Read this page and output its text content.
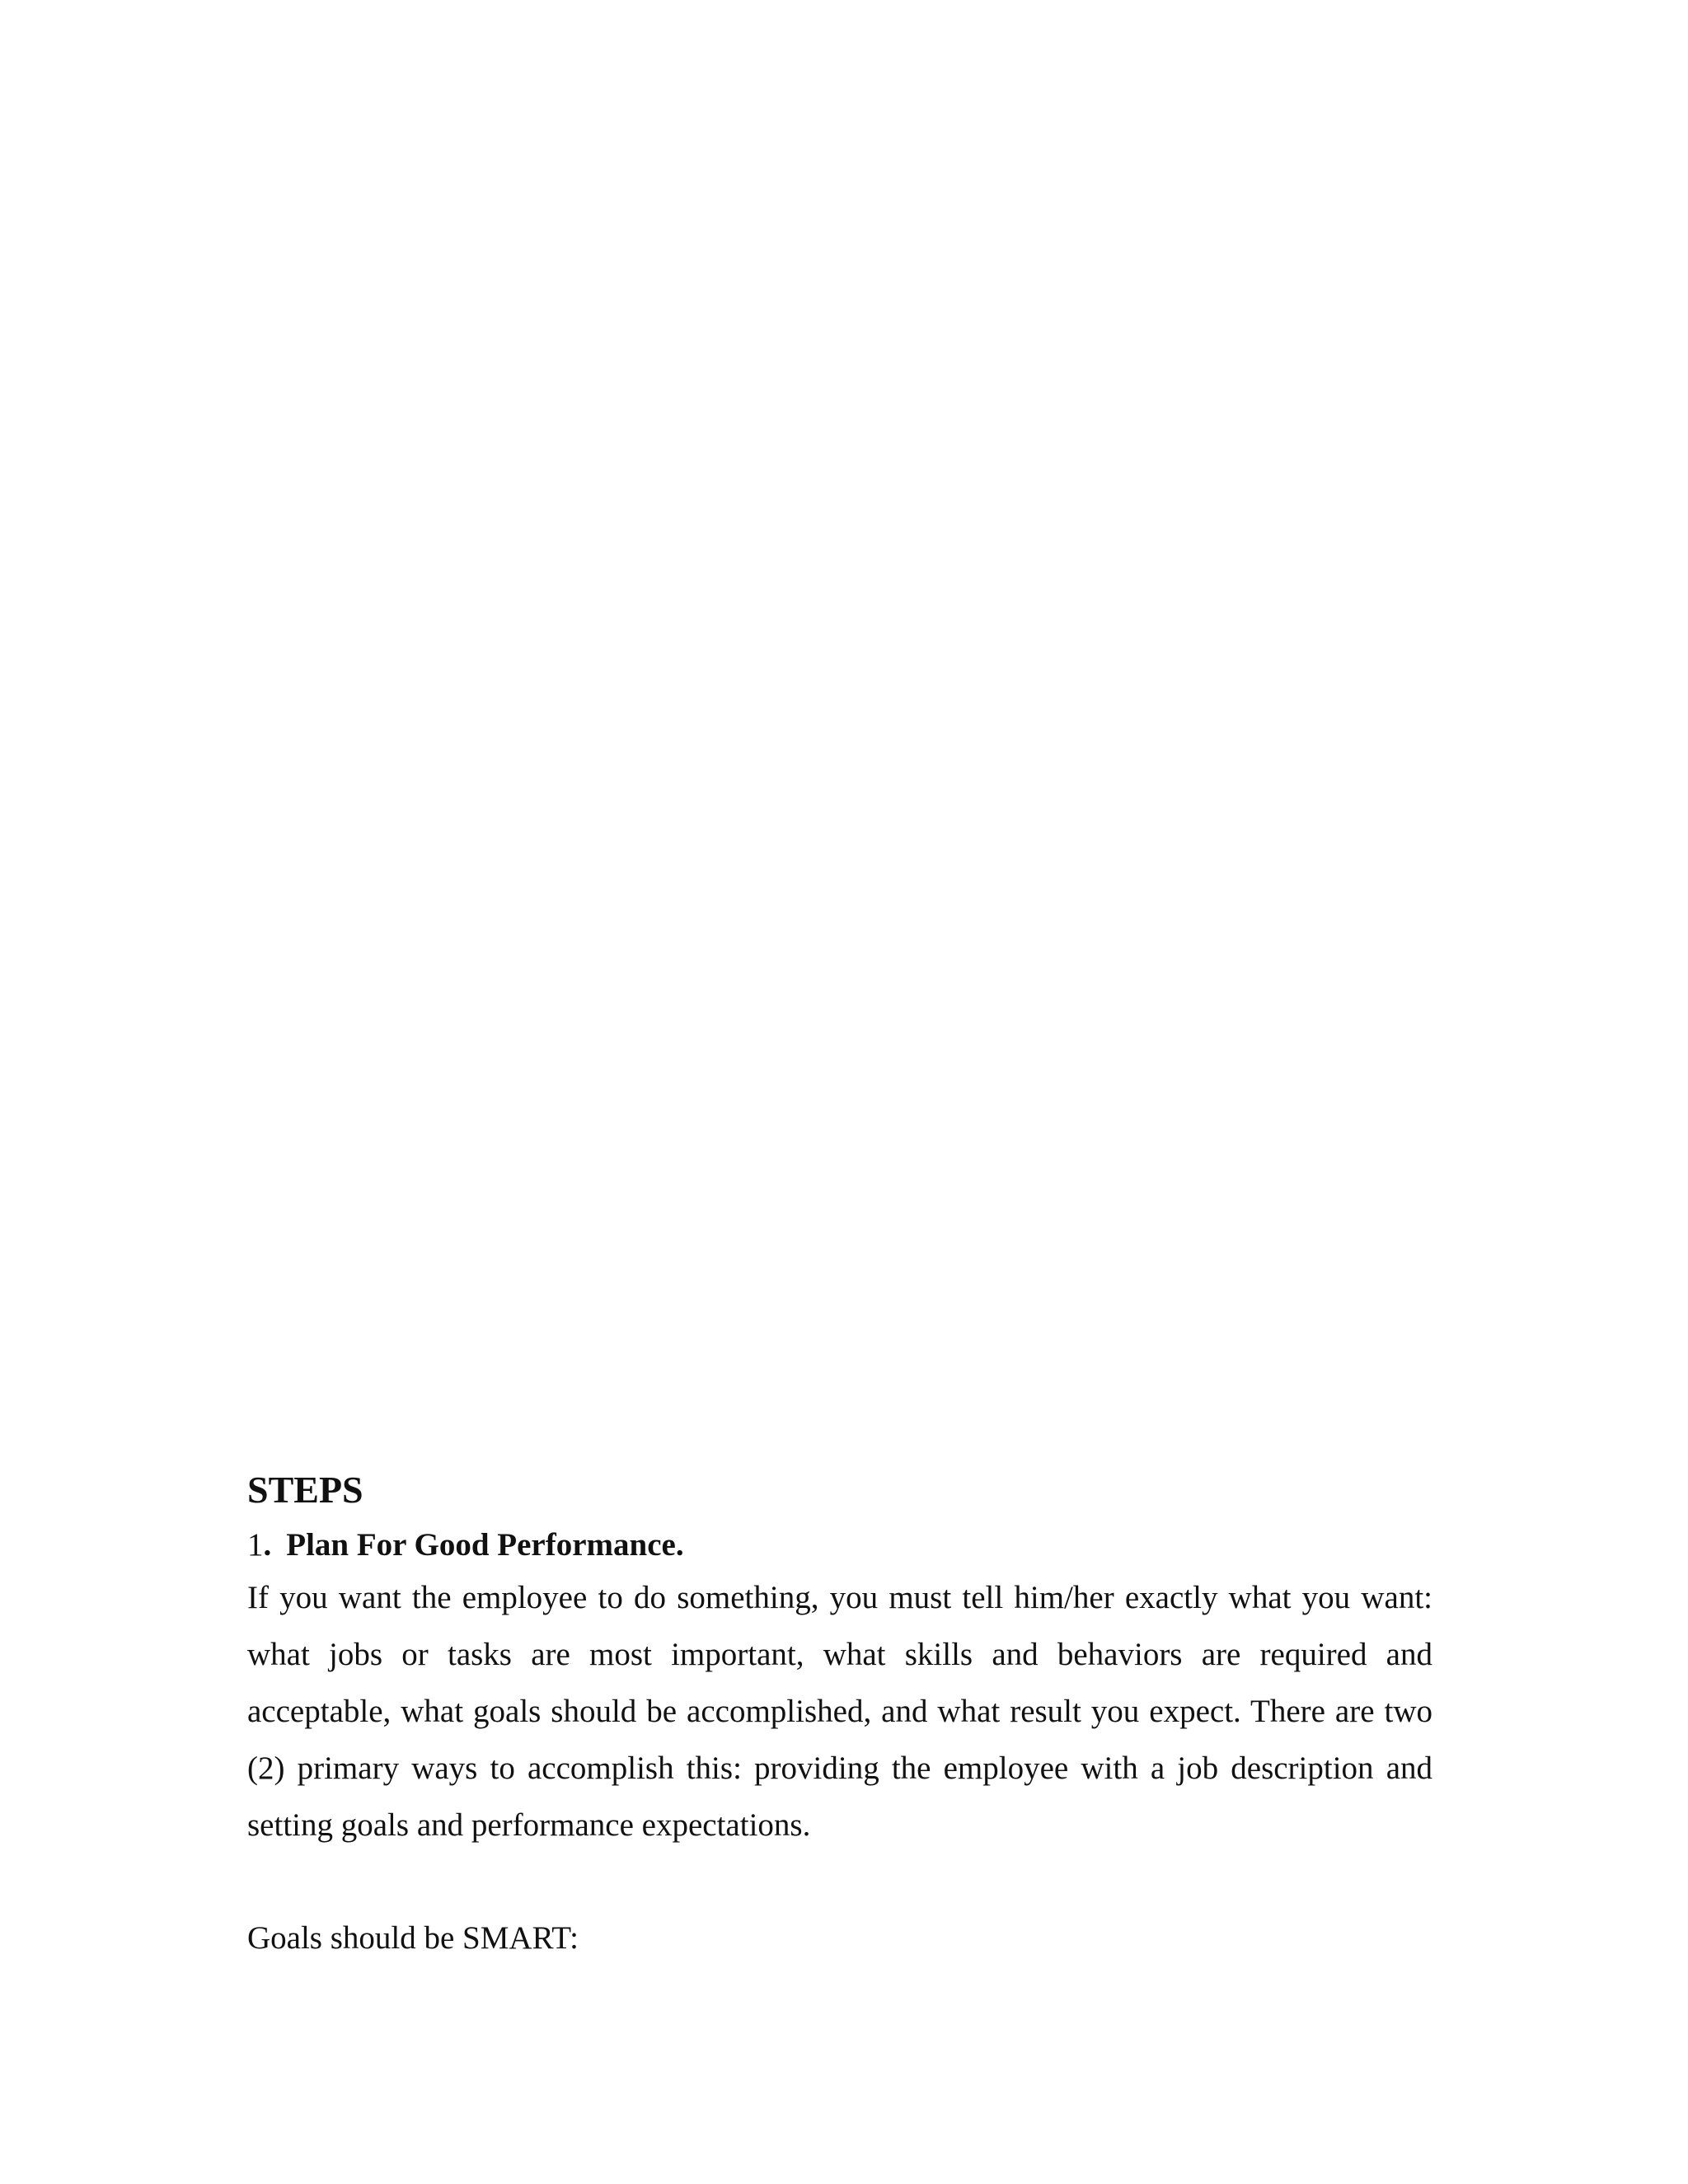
STEPS
1. Plan For Good Performance.

If you want the employee to do something, you must tell him/her exactly what you want: what jobs or tasks are most important, what skills and behaviors are required and acceptable, what goals should be accomplished, and what result you expect. There are two (2) primary ways to accomplish this: providing the employee with a job description and setting goals and performance expectations.

Goals should be SMART:
